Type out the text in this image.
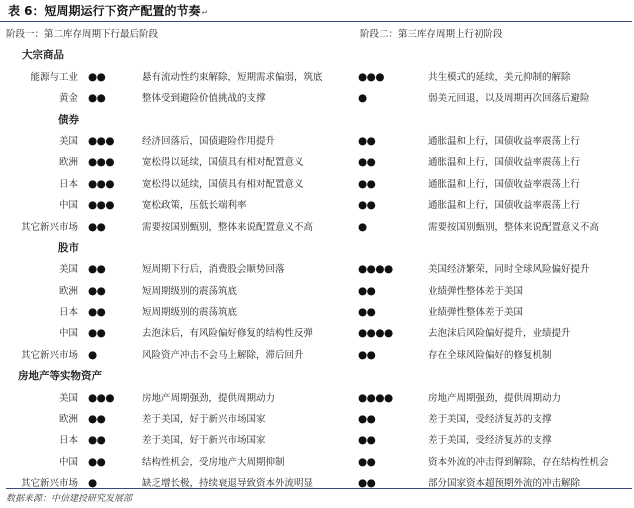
表 6：短周期运行下资产配置的节奏↵
阶段一：第二库存周期下行最后阶段	阶段二：第三库存周期上行初阶段
大宗商品
能源与工业 ●●	悬有流动性约束解除，短期需求偏弱，筑底	●●●	共生模式的延续，美元抑制的解除
黄金 ●●	整体受到避险价值挑战的支撑	●	弱美元回退，以及周期再次回落后避险
债券
美国 ●●●	经济回落后，国债避险作用提升	●●	通胀温和上行，国债收益率震荡上行
欧洲 ●●●	宽松得以延续，国债具有相对配置意义	●●	通胀温和上行，国债收益率震荡上行
日本 ●●●	宽松得以延续，国债具有相对配置意义	●●	通胀温和上行，国债收益率震荡上行
中国 ●●●	宽松政策，压低长端利率	●●	通胀温和上行，国债收益率震荡上行
其它新兴市场 ●●	需要按国别甄别，整体来说配置意义不高	●	需要按国别甄别，整体来说配置意义不高
股市
美国 ●●	短周期下行后，消费股会顺势回落	●●●●	美国经济繁荣，同时全球风险偏好提升
欧洲 ●●	短周期级别的震荡筑底	●●	业绩弹性整体差于美国
日本 ●●	短周期级别的震荡筑底	●●	业绩弹性整体差于美国
中国 ●●	去泡沫后，有风险偏好修复的结构性反弹	●●●●	去泡沫后风险偏好提升，业绩提升
其它新兴市场 ●	风险资产冲击不会马上解除，滞后回升	●●	存在全球风险偏好的修复机制
房地产等实物资产
美国 ●●●	房地产周期强劲，提供周期动力	●●●●	房地产周期强劲，提供周期动力
欧洲 ●●	差于美国，好于新兴市场国家	●●	差于美国，受经济复苏的支撑
日本 ●●	差于美国，好于新兴市场国家	●●	差于美国，受经济复苏的支撑
中国 ●●	结构性机会，受房地产大周期抑制	●●	资本外流的冲击得到解除，存在结构性机会
其它新兴市场 ●	缺乏增长极，持续衰退导致资本外流明显	●●	部分国家资本超预期外流的冲击解除
数据来源：中信建投研究发展部
